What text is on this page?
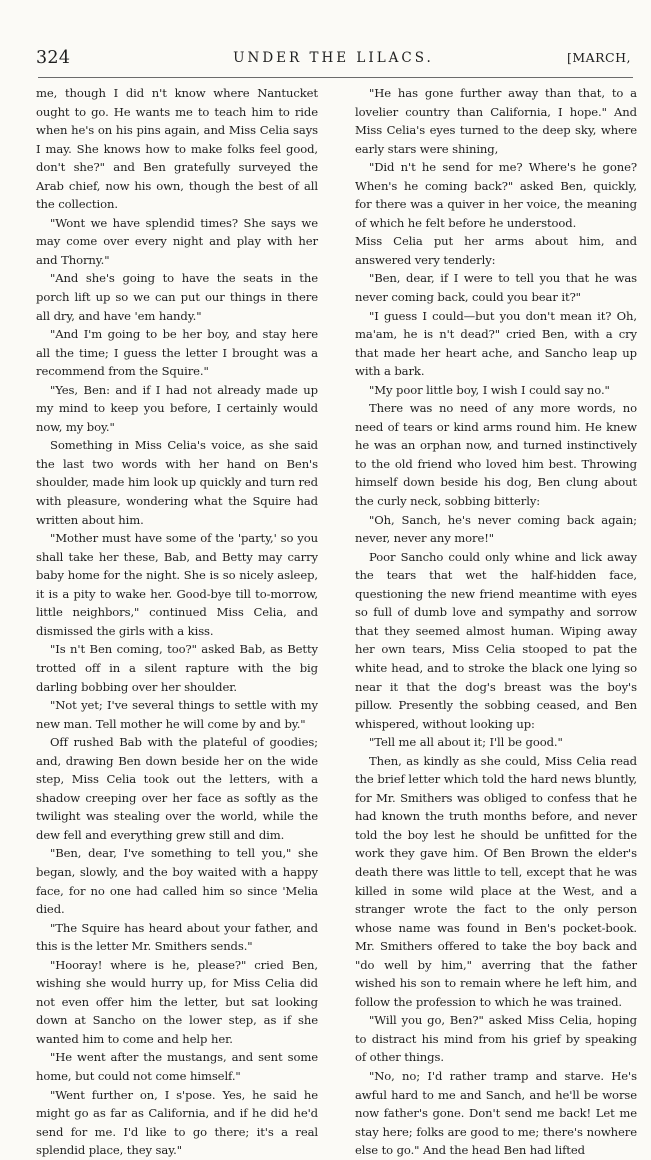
324	UNDER THE LILACS.	[MARCH,

me, though I did n't know where Nantucket ought to go. He wants me to teach him to ride when he's on his pins again, and Miss Celia says I may. She knows how to make folks feel good, don't she?" and Ben gratefully surveyed the Arab chief, now his own, though the best of all the collection.

"Wont we have splendid times? She says we may come over every night and play with her and Thorny."

"And she's going to have the seats in the porch lift up so we can put our things in there all dry, and have 'em handy."

"And I'm going to be her boy, and stay here all the time; I guess the letter I brought was a recommend from the Squire."

"Yes, Ben: and if I had not already made up my mind to keep you before, I certainly would now, my boy."

Something in Miss Celia's voice, as she said the last two words with her hand on Ben's shoulder, made him look up quickly and turn red with pleasure, wondering what the Squire had written about him.

"Mother must have some of the 'party,' so you shall take her these, Bab, and Betty may carry baby home for the night. She is so nicely asleep, it is a pity to wake her. Good-bye till to-morrow, little neighbors," continued Miss Celia, and dismissed the girls with a kiss.

"Is n't Ben coming, too?" asked Bab, as Betty trotted off in a silent rapture with the big darling bobbing over her shoulder.

"Not yet; I've several things to settle with my new man. Tell mother he will come by and by."

Off rushed Bab with the plateful of goodies; and, drawing Ben down beside her on the wide step, Miss Celia took out the letters, with a shadow creeping over her face as softly as the twilight was stealing over the world, while the dew fell and everything grew still and dim.

"Ben, dear, I've something to tell you," she began, slowly, and the boy waited with a happy face, for no one had called him so since 'Melia died.

"The Squire has heard about your father, and this is the letter Mr. Smithers sends."

"Hooray! where is he, please?" cried Ben, wishing she would hurry up, for Miss Celia did not even offer him the letter, but sat looking down at Sancho on the lower step, as if she wanted him to come and help her.

"He went after the mustangs, and sent some home, but could not come himself."

"Went further on, I s'pose. Yes, he said he might go as far as California, and if he did he'd send for me. I'd like to go there; it's a real splendid place, they say."

"He has gone further away than that, to a lovelier country than California, I hope." And Miss Celia's eyes turned to the deep sky, where early stars were shining,

"Did n't he send for me? Where's he gone? When's he coming back?" asked Ben, quickly, for there was a quiver in her voice, the meaning of which he felt before he understood.

Miss Celia put her arms about him, and answered very tenderly:

"Ben, dear, if I were to tell you that he was never coming back, could you bear it?"

"I guess I could—but you don't mean it? Oh, ma'am, he is n't dead?" cried Ben, with a cry that made her heart ache, and Sancho leap up with a bark.

"My poor little boy, I wish I could say no."

There was no need of any more words, no need of tears or kind arms round him. He knew he was an orphan now, and turned instinctively to the old friend who loved him best. Throwing himself down beside his dog, Ben clung about the curly neck, sobbing bitterly:

"Oh, Sanch, he's never coming back again; never, never any more!"

Poor Sancho could only whine and lick away the tears that wet the half-hidden face, questioning the new friend meantime with eyes so full of dumb love and sympathy and sorrow that they seemed almost human. Wiping away her own tears, Miss Celia stooped to pat the white head, and to stroke the black one lying so near it that the dog's breast was the boy's pillow. Presently the sobbing ceased, and Ben whispered, without looking up:

"Tell me all about it; I'll be good."

Then, as kindly as she could, Miss Celia read the brief letter which told the hard news bluntly, for Mr. Smithers was obliged to confess that he had known the truth months before, and never told the boy lest he should be unfitted for the work they gave him. Of Ben Brown the elder's death there was little to tell, except that he was killed in some wild place at the West, and a stranger wrote the fact to the only person whose name was found in Ben's pocket-book. Mr. Smithers offered to take the boy back and "do well by him," averring that the father wished his son to remain where he left him, and follow the profession to which he was trained.

"Will you go, Ben?" asked Miss Celia, hoping to distract his mind from his grief by speaking of other things.

"No, no; I'd rather tramp and starve. He's awful hard to me and Sanch, and he'll be worse now father's gone. Don't send me back! Let me stay here; folks are good to me; there's nowhere else to go." And the head Ben had lifted
